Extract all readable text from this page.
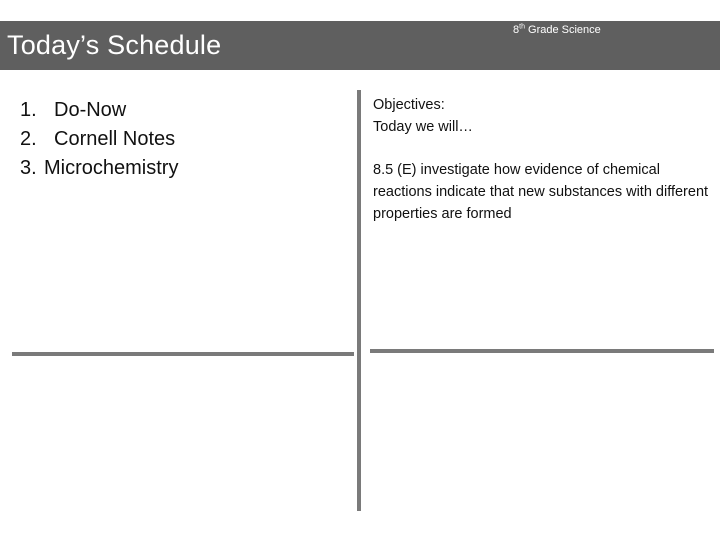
Today’s Schedule	8th Grade Science
1. Do-Now
2. Cornell Notes
3. Microchemistry
Objectives:
Today we will…
8.5 (E) investigate how evidence of chemical reactions indicate that new substances with different properties are formed
